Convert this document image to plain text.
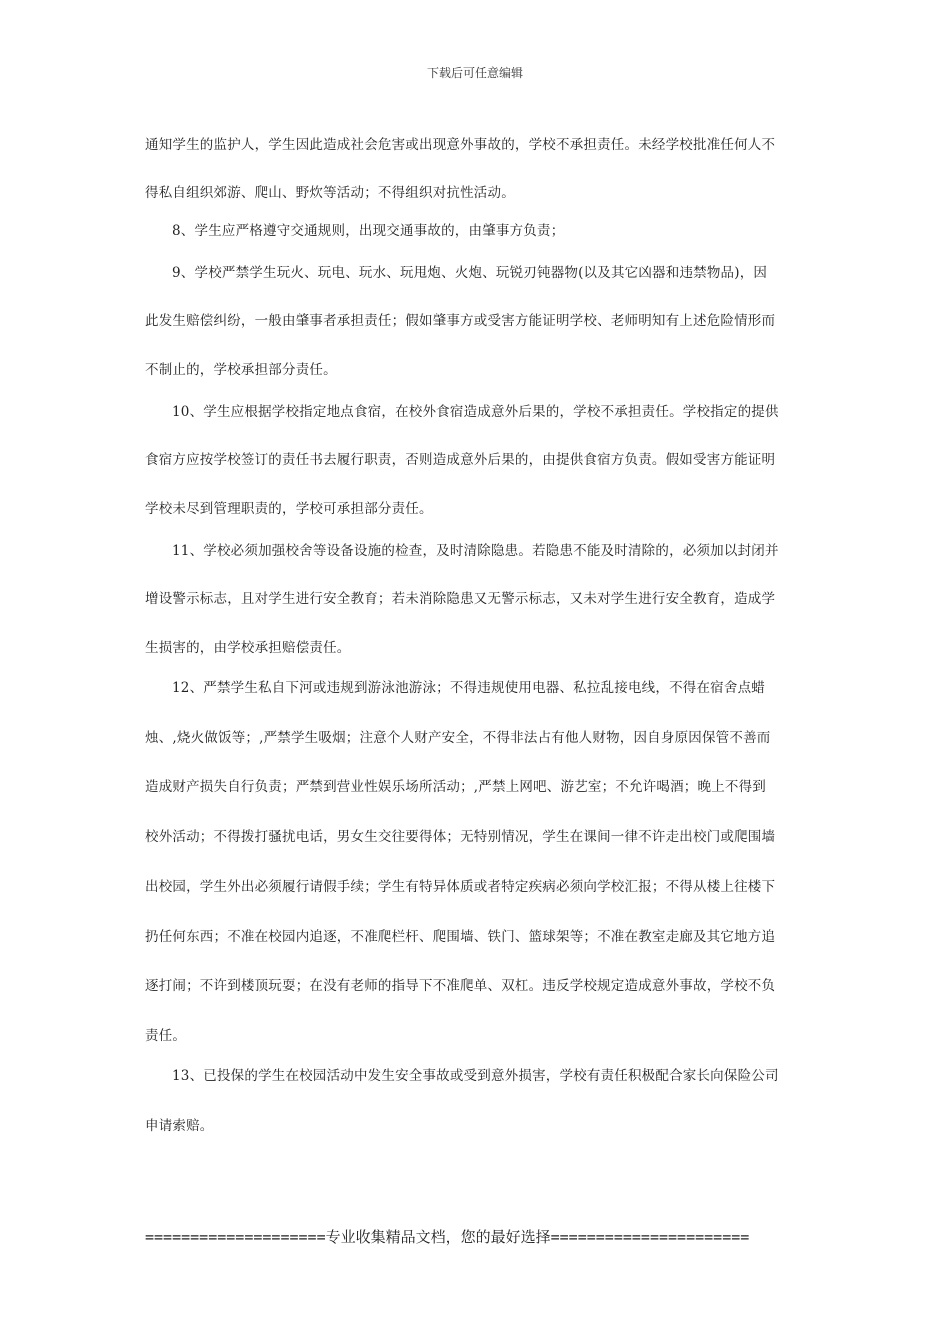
下载后可任意编辑
通知学生的监护人，学生因此造成社会危害或出现意外事故的，学校不承担责任。未经学校批准任何人不
得私自组织郊游、爬山、野炊等活动；不得组织对抗性活动。
8、学生应严格遵守交通规则，出现交通事故的，由肇事方负责；
9、学校严禁学生玩火、玩电、玩水、玩甩炮、火炮、玩锐刃钝器物(以及其它凶器和违禁物品)，因
此发生赔偿纠纷，一般由肇事者承担责任；假如肇事方或受害方能证明学校、老师明知有上述危险情形而
不制止的，学校承担部分责任。
10、学生应根据学校指定地点食宿，在校外食宿造成意外后果的，学校不承担责任。学校指定的提供
食宿方应按学校签订的责任书去履行职责，否则造成意外后果的，由提供食宿方负责。假如受害方能证明
学校未尽到管理职责的，学校可承担部分责任。
11、学校必须加强校舍等设备设施的检查，及时清除隐患。若隐患不能及时清除的，必须加以封闭并
增设警示标志，且对学生进行安全教育；若未消除隐患又无警示标志，又未对学生进行安全教育，造成学
生损害的，由学校承担赔偿责任。
12、严禁学生私自下河或违规到游泳池游泳；不得违规使用电器、私拉乱接电线，不得在宿舍点蜡
烛、,烧火做饭等；,严禁学生吸烟；注意个人财产安全，不得非法占有他人财物，因自身原因保管不善而
造成财产损失自行负责；严禁到营业性娱乐场所活动；,严禁上网吧、游艺室；不允许喝酒；晚上不得到
校外活动；不得拨打骚扰电话，男女生交往要得体；无特别情况，学生在课间一律不许走出校门或爬围墙
出校园，学生外出必须履行请假手续；学生有特异体质或者特定疾病必须向学校汇报；不得从楼上往楼下
扔任何东西；不准在校园内追逐，不准爬栏杆、爬围墙、铁门、篮球架等；不准在教室走廊及其它地方追
逐打闹；不许到楼顶玩耍；在没有老师的指导下不准爬单、双杠。违反学校规定造成意外事故，学校不负
责任。
13、已投保的学生在校园活动中发生安全事故或受到意外损害，学校有责任积极配合家长向保险公司
申请索赔。
====================专业收集精品文档，您的最好选择======================
